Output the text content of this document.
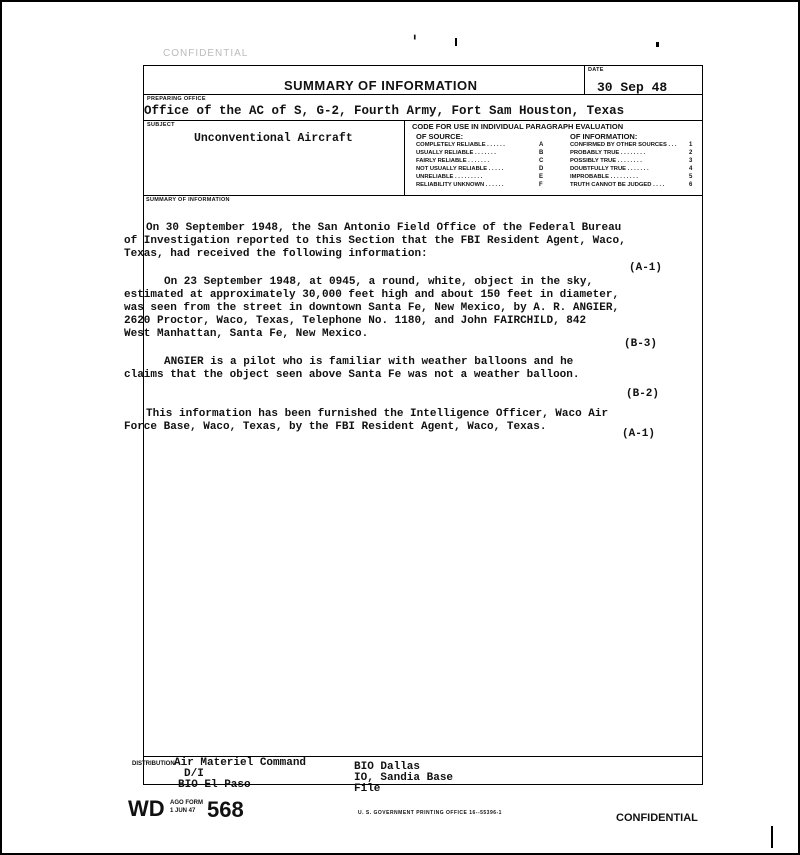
ˈ
CONFIDENTIAL
SUMMARY OF INFORMATION
DATE
30 Sep 48
PREPARING OFFICE
Office of the AC of S, G-2, Fourth Army, Fort Sam Houston, Texas
SUBJECT
Unconventional Aircraft
CODE FOR USE IN INDIVIDUAL PARAGRAPH EVALUATION
OF SOURCE:
COMPLETELY RELIABLE . . . . . .	A
USUALLY RELIABLE . . . . . . .	B
FAIRLY RELIABLE . . . . . . .	C
NOT USUALLY RELIABLE . . . . .	D
UNRELIABLE . . . . . . . . .	E
RELIABILITY UNKNOWN . . . . . .	F
OF INFORMATION:
CONFIRMED BY OTHER SOURCES . . . 1
PROBABLY TRUE . . . . . . . .	2
POSSIBLY TRUE . . . . . . . .	3
DOUBTFULLY TRUE . . . . . . .	4
IMPROBABLE . . . . . . . . .	5
TRUTH CANNOT BE JUDGED . . . .	6
SUMMARY OF INFORMATION

On 30 September 1948, the San Antonio Field Office of the Federal Bureau
of Investigation reported to this Section that the FBI Resident Agent, Waco,
Texas, had received the following information:

(A-1)

On 23 September 1948, at 0945, a round, white, object in the sky,
estimated at approximately 30,000 feet high and about 150 feet in diameter,
was seen from the street in downtown Santa Fe, New Mexico, by A. R. ANGIER,
2620 Proctor, Waco, Texas, Telephone No. 1180, and John FAIRCHILD, 842
West Manhattan, Santa Fe, New Mexico.

(B-3)

ANGIER is a pilot who is familiar with weather balloons and he
claims that the object seen above Santa Fe was not a weather balloon.

(B-2)

This information has been furnished the Intelligence Officer, Waco Air
Force Base, Waco, Texas, by the FBI Resident Agent, Waco, Texas.

(A-1)

DISTRIBUTION Air Materiel Command
D/I
BIO El Paso
BIO Dallas
IO, Sandia Base
File
WD AGO FORM
1 JUN 47 568	U. S. GOVERNMENT PRINTING OFFICE 16--55396-1	CONFIDENTIAL
